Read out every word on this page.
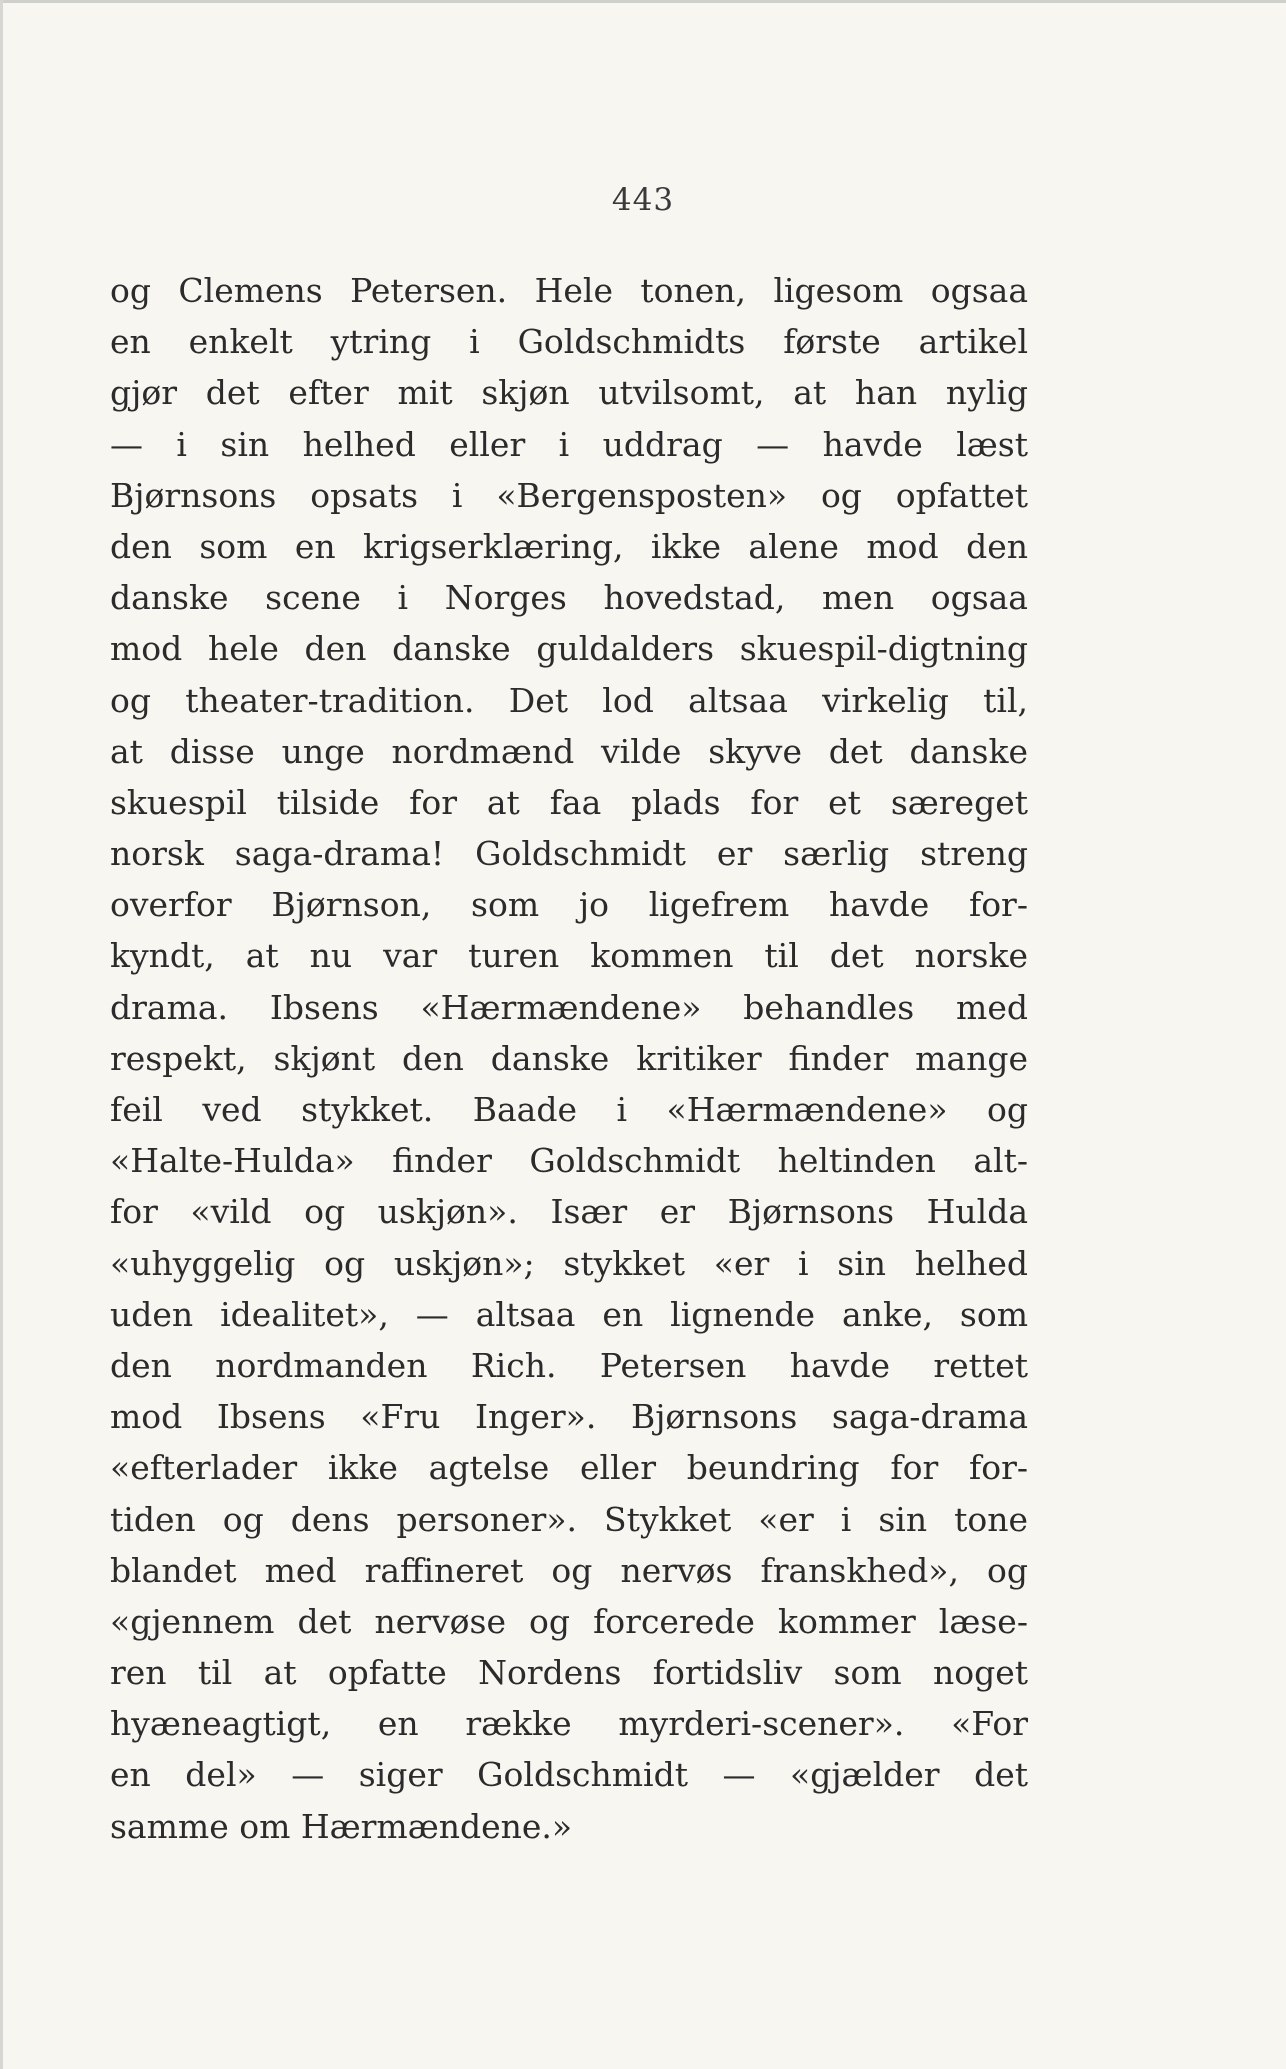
443
og Clemens Petersen. Hele tonen, ligesom ogsaa
en enkelt ytring i Goldschmidts første artikel
gjør det efter mit skjøn utvilsomt, at han nylig
— i sin helhed eller i uddrag — havde læst
Bjørnsons opsats i «Bergensposten» og opfattet
den som en krigserklæring, ikke alene mod den
danske scene i Norges hovedstad, men ogsaa
mod hele den danske guldalders skuespil-digtning
og theater-tradition. Det lod altsaa virkelig til,
at disse unge nordmænd vilde skyve det danske
skuespil tilside for at faa plads for et særeget
norsk saga-drama! Goldschmidt er særlig streng
overfor Bjørnson, som jo ligefrem havde for-
kyndt, at nu var turen kommen til det norske
drama. Ibsens «Hærmændene» behandles med
respekt, skjønt den danske kritiker finder mange
feil ved stykket. Baade i «Hærmændene» og
«Halte-Hulda» finder Goldschmidt heltinden alt-
for «vild og uskjøn». Især er Bjørnsons Hulda
«uhyggelig og uskjøn»; stykket «er i sin helhed
uden idealitet», — altsaa en lignende anke, som
den nordmanden Rich. Petersen havde rettet
mod Ibsens «Fru Inger». Bjørnsons saga-drama
«efterlader ikke agtelse eller beundring for for-
tiden og dens personer». Stykket «er i sin tone
blandet med raffineret og nervøs franskhed», og
«gjennem det nervøse og forcerede kommer læse-
ren til at opfatte Nordens fortidsliv som noget
hyæneagtigt, en række myrderi-scener». «For
en del» — siger Goldschmidt — «gjælder det
samme om Hærmændene.»
